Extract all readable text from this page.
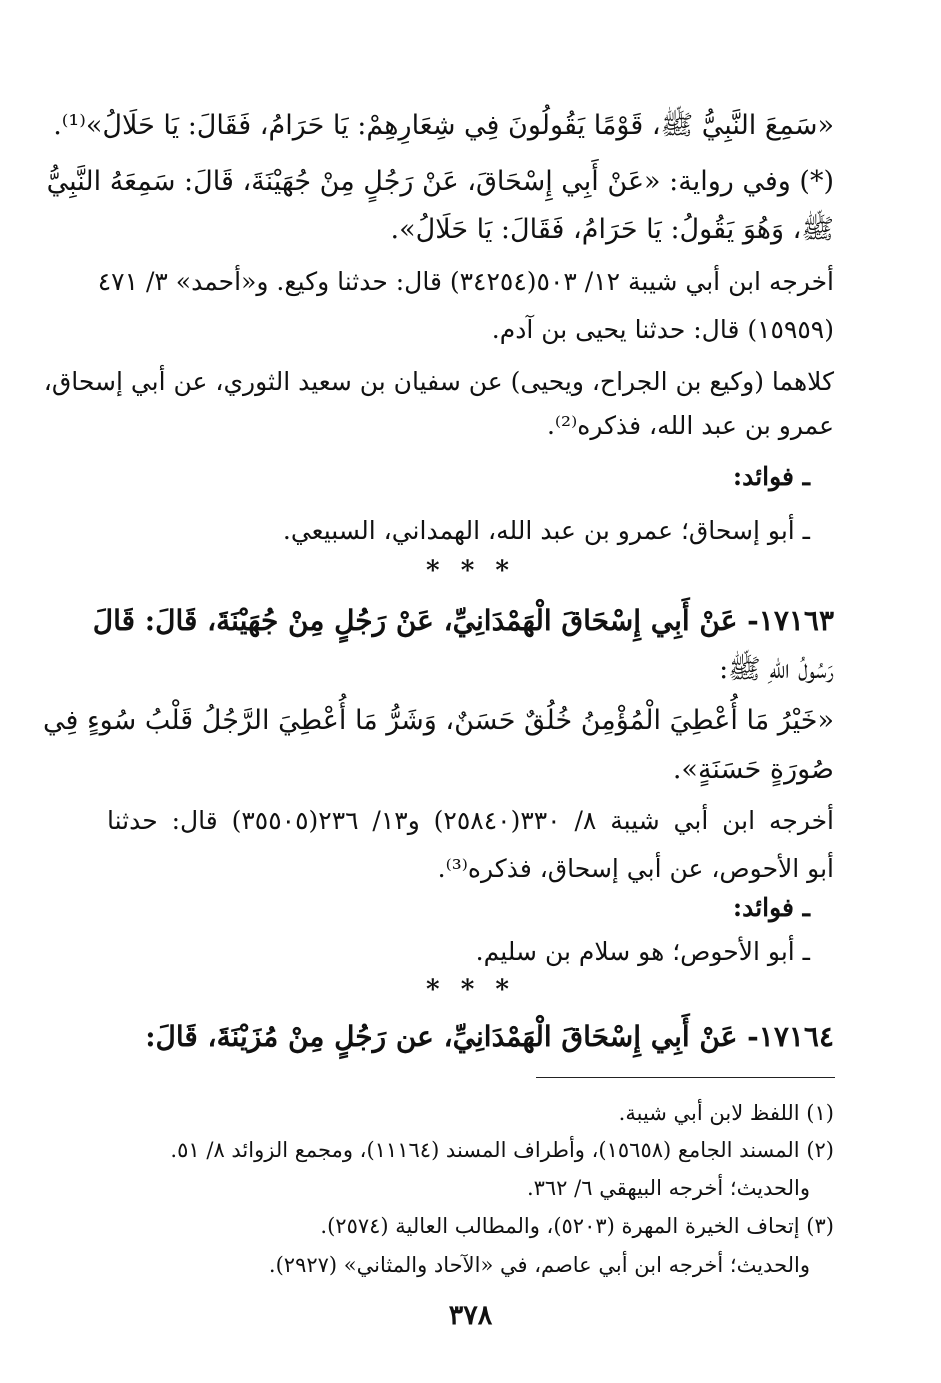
«سَمِعَ النَّبِيُّ ﷺ، قَوْمًا يَقُولُونَ فِي شِعَارِهِمْ: يَا حَرَامُ، فَقَالَ: يَا حَلَالُ»⁽¹⁾.
(*) وفي رواية: «عَنْ أَبِي إِسْحَاقَ، عَنْ رَجُلٍ مِنْ جُهَيْنَةَ، قَالَ: سَمِعَهُ النَّبِيُّ
ﷺ، وَهُوَ يَقُولُ: يَا حَرَامُ، فَقَالَ: يَا حَلَالُ».
أخرجه ابن أبي شيبة ١٢/ ٥٠٣(٣٤٢٥٤) قال: حدثنا وكيع. و«أحمد» ٣/ ٤٧١
(١٥٩٥٩) قال: حدثنا يحيى بن آدم.
كلاهما (وكيع بن الجراح، ويحيى) عن سفيان بن سعيد الثوري، عن أبي إسحاق،
عمرو بن عبد الله، فذكره⁽²⁾.
ـ فوائد:
ـ أبو إسحاق؛ عمرو بن عبد الله، الهمداني، السبيعي.
* * *
١٧١٦٣- عَنْ أَبِي إِسْحَاقَ الْهَمْدَانِيِّ، عَنْ رَجُلٍ مِنْ جُهَيْنَةَ، قَالَ: قَالَ
رَسُولُ اللهِ ﷺ:
«خَيْرُ مَا أُعْطِيَ الْمُؤْمِنُ خُلُقٌ حَسَنٌ، وَشَرُّ مَا أُعْطِيَ الرَّجُلُ قَلْبُ سُوءٍ فِي
صُورَةٍ حَسَنَةٍ».
أخرجه ابن أبي شيبة ٨/ ٣٣٠(٢٥٨٤٠) و١٣/ ٢٣٦(٣٥٥٠٥) قال: حدثنا
أبو الأحوص، عن أبي إسحاق، فذكره⁽³⁾.
ـ فوائد:
ـ أبو الأحوص؛ هو سلام بن سليم.
* * *
١٧١٦٤- عَنْ أَبِي إِسْحَاقَ الْهَمْدَانِيِّ، عن رَجُلٍ مِنْ مُزَيْنَةَ، قَالَ:
(١) اللفظ لابن أبي شيبة.
(٢) المسند الجامع (١٥٦٥٨)، وأطراف المسند (١١١٦٤)، ومجمع الزوائد ٨/ ٥١.
والحديث؛ أخرجه البيهقي ٦/ ٣٦٢.
(٣) إتحاف الخيرة المهرة (٥٢٠٣)، والمطالب العالية (٢٥٧٤).
والحديث؛ أخرجه ابن أبي عاصم، في «الآحاد والمثاني» (٢٩٢٧).
٣٧٨
